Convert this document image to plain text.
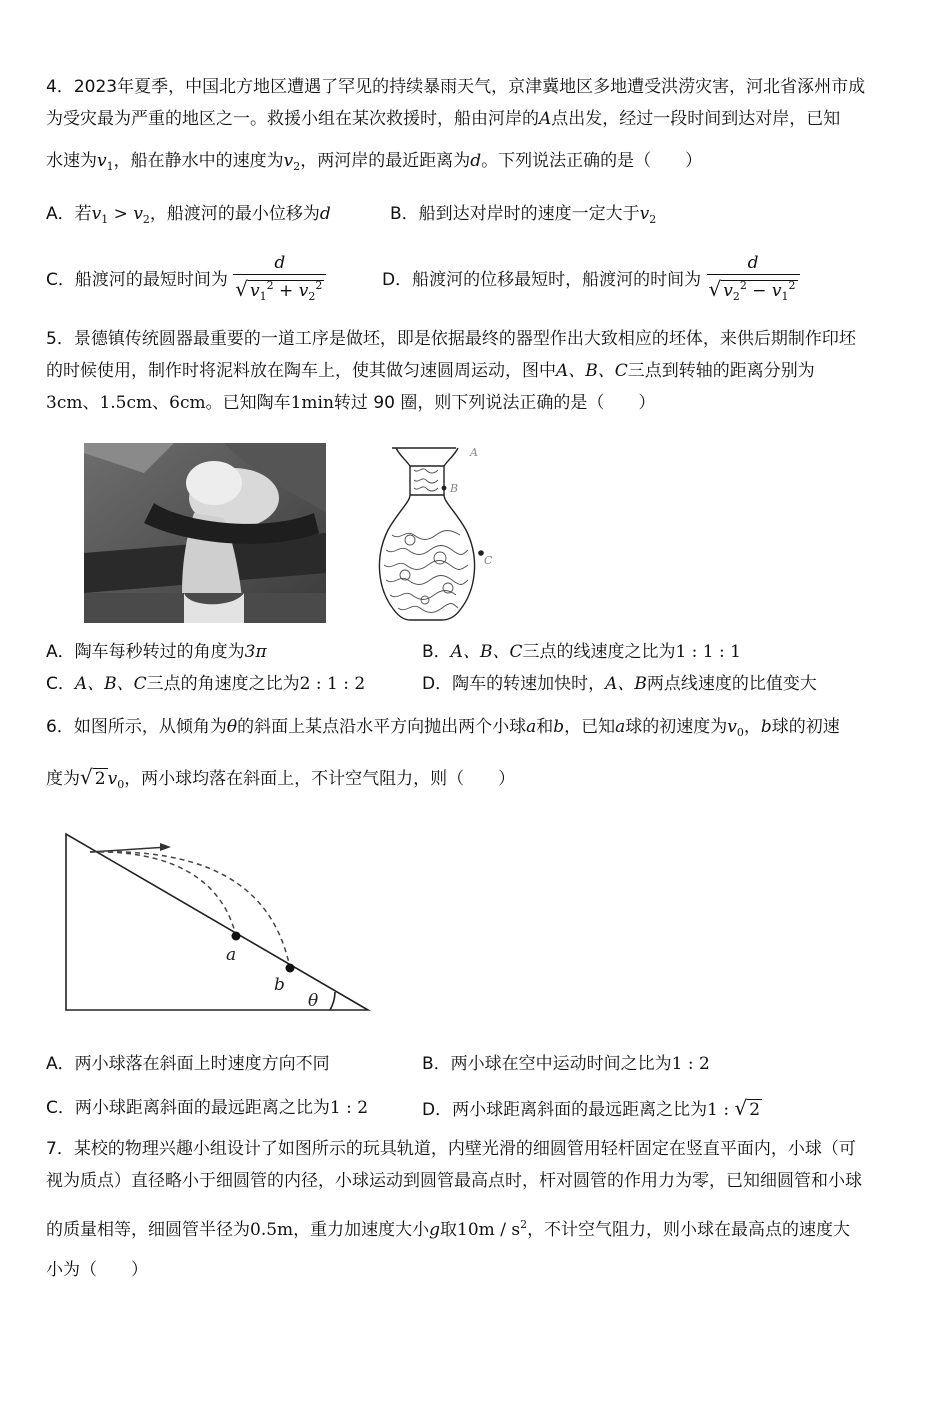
4．2023年夏季，中国北方地区遭遇了罕见的持续暴雨天气，京津冀地区多地遭受洪涝灾害，河北省涿州市成
为受灾最为严重的地区之一。救援小组在某次救援时，船由河岸的A点出发，经过一段时间到达对岸，已知
水速为$v_1$，船在静水中的速度为$v_2$，两河岸的最近距离为d。下列说法正确的是（　　）
A．若$v_1 > v_2$，船渡河的最小位移为d	B．船到达对岸时的速度一定大于$v_2$
C．船渡河的最短时间为 $\frac{d}{√ v_1^2 + v_2^2}$	D．船渡河的位移最短时，船渡河的时间为 $\frac{d}{√ v_2^2 - v_1^2}$
5．景德镇传统圆器最重要的一道工序是做坯，即是依据最终的器型作出大致相应的坯体，来供后期制作印坯
的时候使用，制作时将泥料放在陶车上，使其做匀速圆周运动，图中A、B、C三点到转轴的距离分别为
3cm、1.5cm、6cm。已知陶车1min转过 90 圈，则下列说法正确的是（　　）
A
B
C
A．陶车每秒转过的角度为3π	B．A、B、C三点的线速度之比为1 : 1 : 1
C．A、B、C三点的角速度之比为2 : 1 : 2	D．陶车的转速加快时，A、B两点线速度的比值变大
6．如图所示，从倾角为θ的斜面上某点沿水平方向抛出两个小球a和b，已知a球的初速度为$v_0$，b球的初速
度为√ 2 $v_0$，两小球均落在斜面上，不计空气阻力，则（　　）
a
b
θ
A．两小球落在斜面上时速度方向不同	B．两小球在空中运动时间之比为1 : 2
C．两小球距离斜面的最远距离之比为1 : 2	D．两小球距离斜面的最远距离之比为1 : √ 2
7．某校的物理兴趣小组设计了如图所示的玩具轨道，内壁光滑的细圆管用轻杆固定在竖直平面内，小球（可
视为质点）直径略小于细圆管的内径，小球运动到圆管最高点时，杆对圆管的作用力为零，已知细圆管和小球
的质量相等，细圆管半径为0.5m，重力加速度大小g取$10m / s^2$，不计空气阻力，则小球在最高点的速度大
小为（　　）
